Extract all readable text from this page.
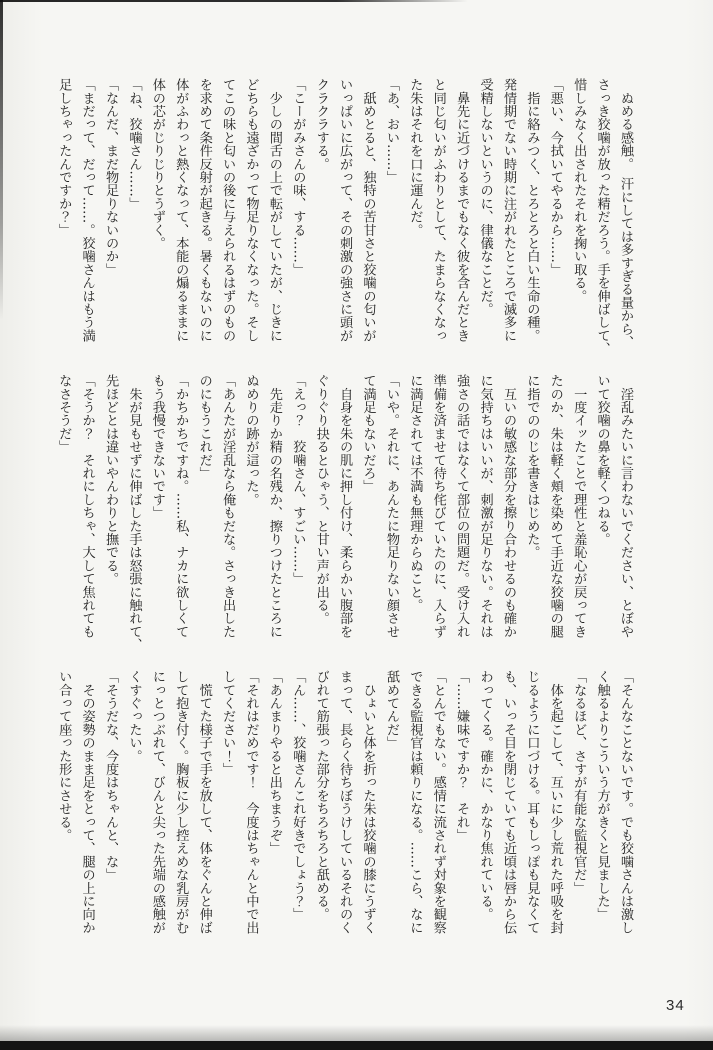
　ぬめる感触。　汗にしては多すぎる量から、
さっき狡噛が放った精だろう。手を伸ばして、
惜しみなく出されたそれを掬い取る。
「悪い、今拭いてやるから……」
　指に絡みつく、とろとろと白い生命の種。
発情期でない時期に注がれたところで滅多に
受精しないというのに、律儀なことだ。
　鼻先に近づけるまでもなく彼を含んだとき
と同じ匂いがふわりとして、たまらなくなっ
た朱はそれを口に運んだ。
「あ、おい……」
　舐めとると、独特の苦甘さと狡噛の匂いが
いっぱいに広がって、その刺激の強さに頭が
クラクラする。
「こーがみさんの味、する……」
　少しの間舌の上で転がしていたが、じきに
どちらも遠ざかって物足りなくなった。そし
てこの味と匂いの後に与えられるはずのもの
を求めて条件反射が起きる。暑くもないのに
体がふわっと熱くなって、本能の煽るままに
体の芯がじりじりとうずく。
「ね、狡噛さん……」
「なんだ、まだ物足りないのか」
「まだって、だって……。狡噛さんはもう満
足しちゃったんですか？」
　淫乱みたいに言わないでください、とぼや
いて狡噛の鼻を軽くつねる。
　一度イッたことで理性と羞恥心が戻ってき
たのか、朱は軽く頬を染めて手近な狡噛の腿
に指でののじを書きはじめた。
　互いの敏感な部分を擦り合わせるのも確か
に気持ちはいいが、刺激が足りない。それは
強さの話ではなくて部位の問題だ。受け入れ
準備を済ませて待ち侘びていたのに、入らず
に満足されては不満も無理からぬこと。
「いや。それに、あんたに物足りない顔させ
て満足もないだろ」
　自身を朱の肌に押し付け、柔らかい腹部を
ぐりぐり抉るとひゃう、と甘い声が出る。
「えっ？　狡噛さん、すごい……」
　先走りか精の名残か、擦りつけたところに
ぬめりの跡が這った。
「あんたが淫乱なら俺もだな。さっき出した
のにもうこれだ」
「かちかちですね。……私、ナカに欲しくて
もう我慢できないです」
　朱が見もせずに伸ばした手は怒張に触れて、
先ほどとは違いやんわりと撫でる。
「そうか？　それにしちゃ、大して焦れても
なさそうだ」
「そんなことないです。でも狡噛さんは激し
く触るよりこういう方がきくと見ました」
「なるほど、さすが有能な監視官だ」
　体を起こして、互いに少し荒れた呼吸を封
じるように口づける。耳もしっぽも見なくて
も、いっそ目を閉じていても近頃は唇から伝
わってくる。確かに、かなり焦れている。
「……嫌味ですか？　それ」
「とんでもない。感情に流されず対象を観察
できる監視官は頼りになる。……こら、なに
舐めてんだ」
　ひょいと体を折った朱は狡噛の膝にうずく
まって、長らく待ちぼうけしているそれのく
びれて筋張った部分をちろちろと舐める。
「ん……、狡噛さんこれ好きでしょう？」
「あんまりやると出ちまうぞ」
「それはだめです！　今度はちゃんと中で出
してください！」
　慌てた様子で手を放して、体をぐんと伸ば
して抱き付く。胸板に少し控えめな乳房がむ
にっとつぶれて、びんと尖った先端の感触が
くすぐったい。
「そうだな、今度はちゃんと、な」
　その姿勢のまま足をとって、腿の上に向か
い合って座った形にさせる。
34
